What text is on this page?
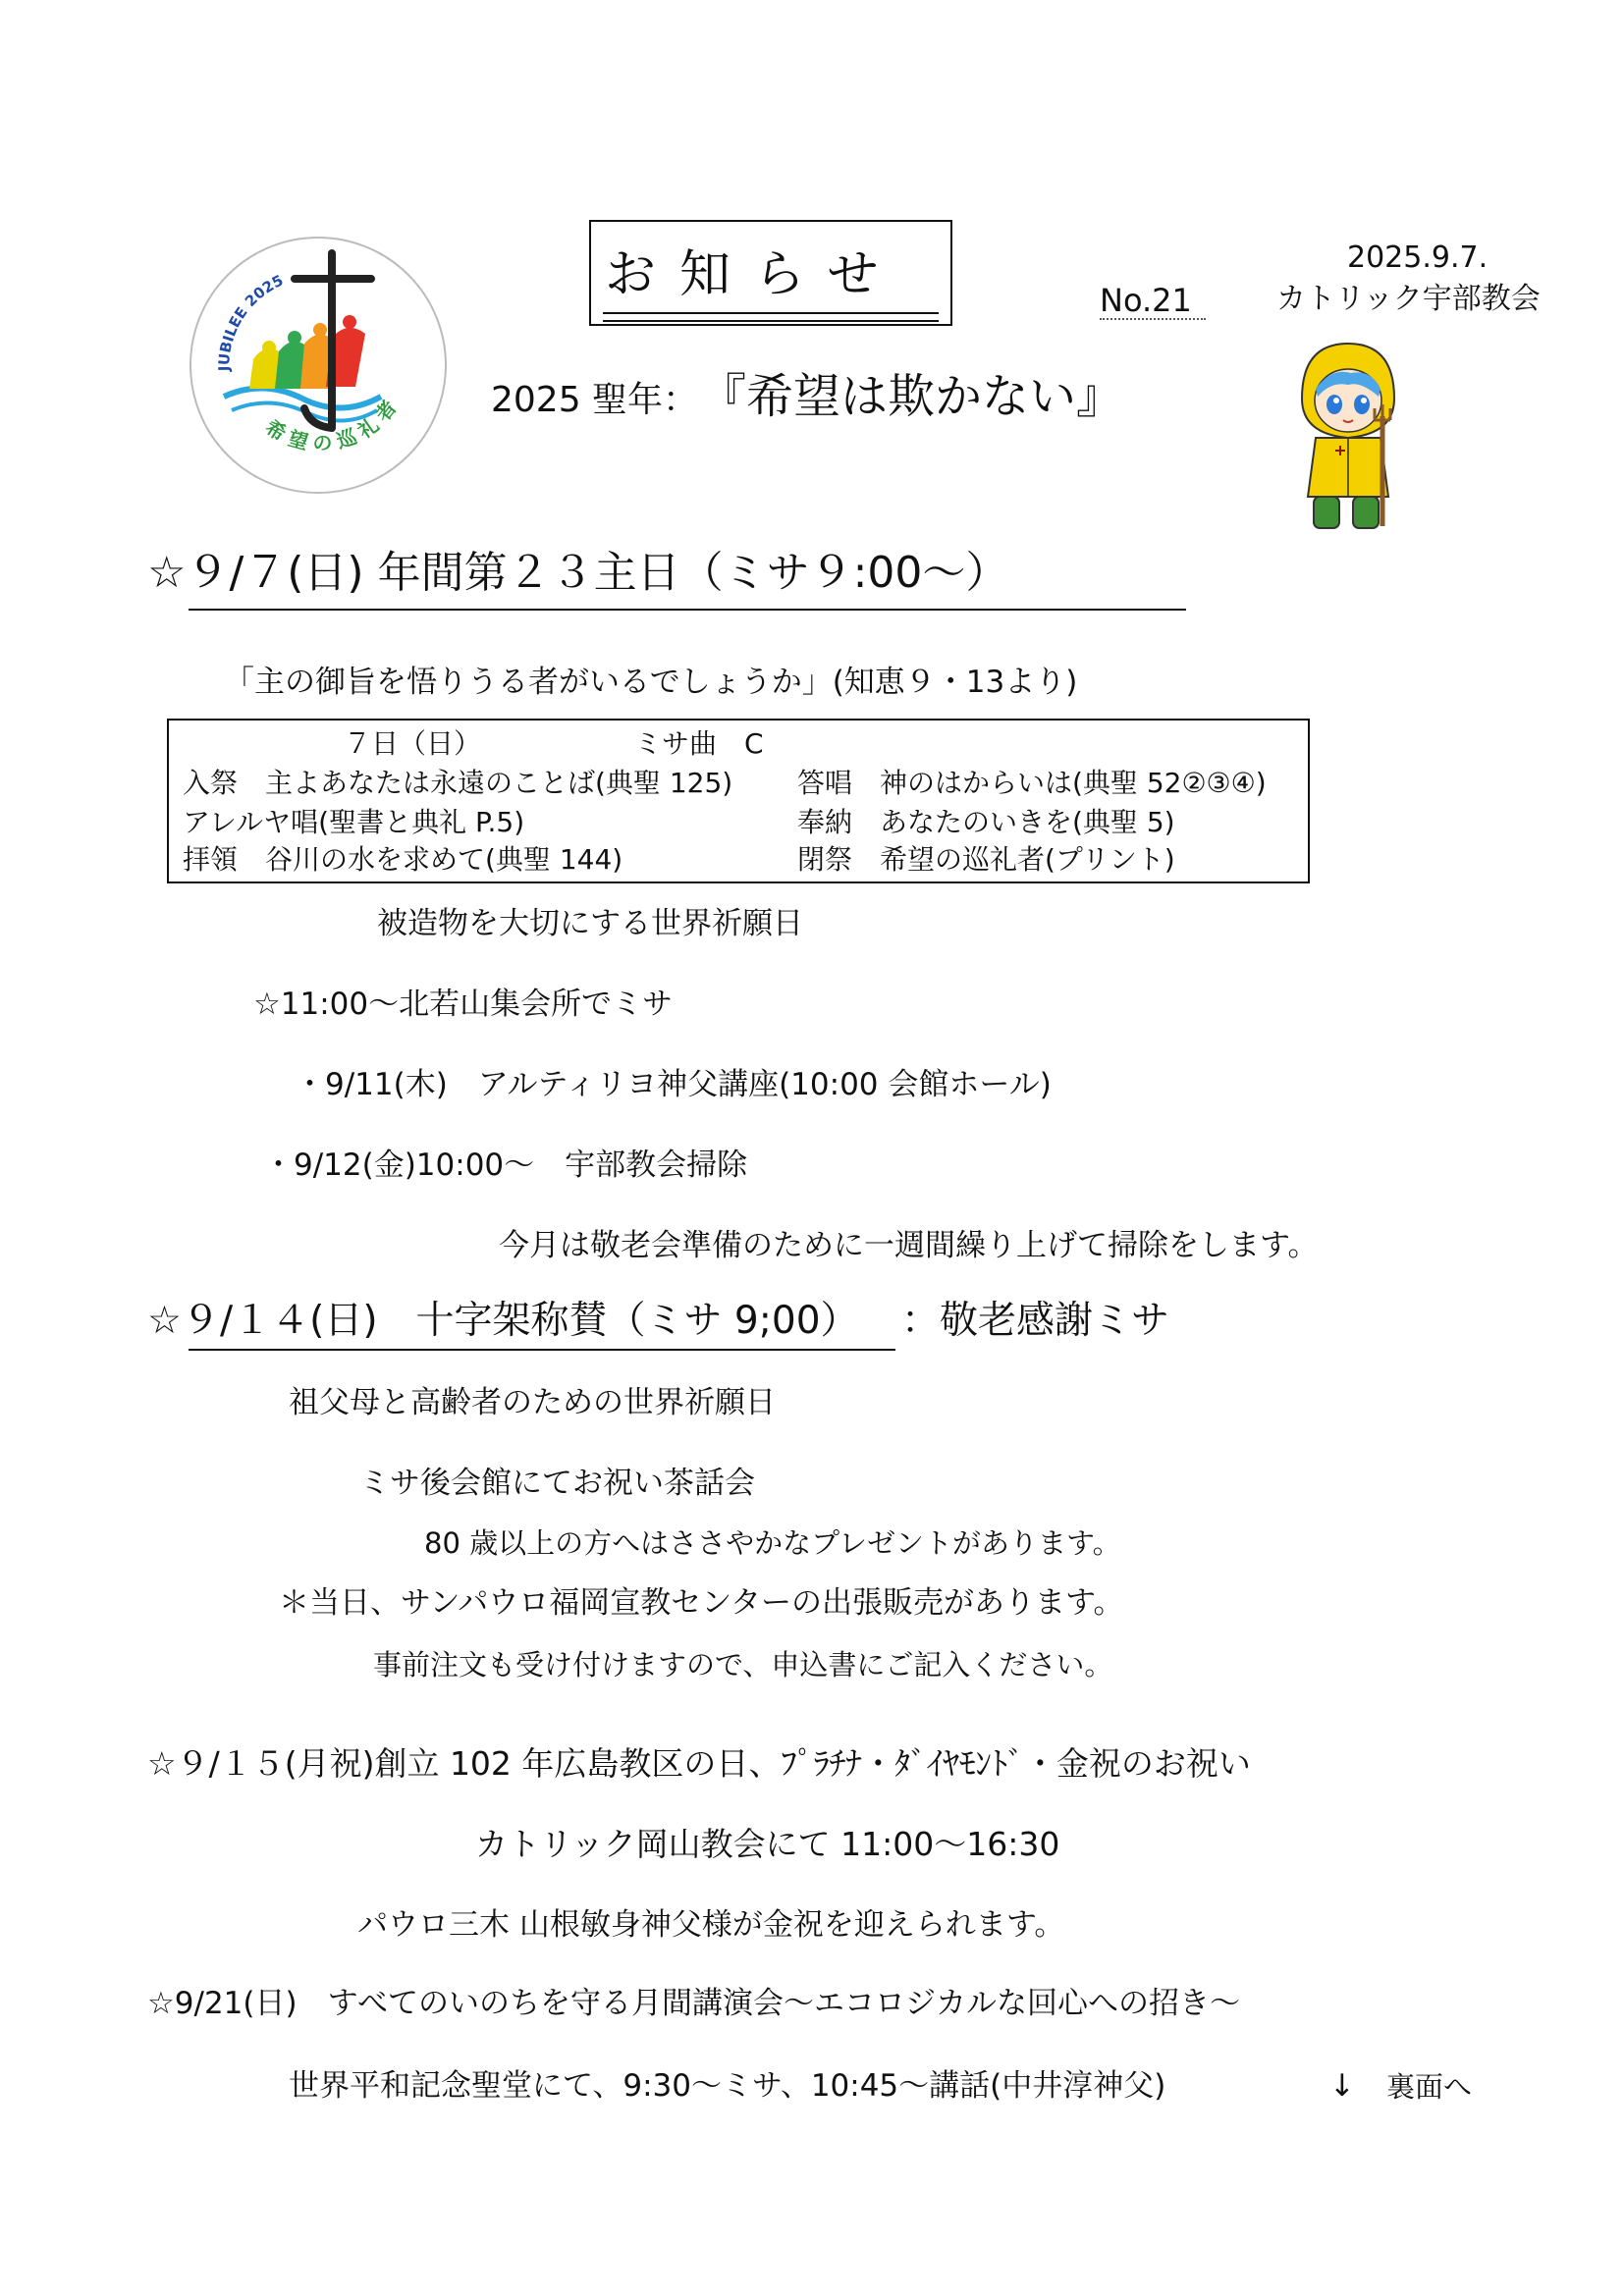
JUBILEE 2025
希 望 の 巡 礼 者
お知らせ	2025.9.7.
No.21	カトリック宇部教会
2025 聖年： 『希望は欺かない』
☆９/７(日) 年間第２３主日（ミサ９:00〜）
「主の御旨を悟りうる者がいるでしょうか」(知恵９・13より)
７日（日）	ミサ曲　C
入祭　主よあなたは永遠のことば(典聖 125) 答唱　神のはからいは(典聖 52②③④)
アレルヤ唱(聖書と典礼 P.5)	奉納　あなたのいきを(典聖 5)
拝領　谷川の水を求めて(典聖 144)	閉祭　希望の巡礼者(プリント)
被造物を大切にする世界祈願日
☆11:00〜北若山集会所でミサ
・9/11(木)　アルティリヨ神父講座(10:00 会館ホール)
・9/12(金)10:00〜　宇部教会掃除
今月は敬老会準備のために一週間繰り上げて掃除をします。
☆９/１４(日)　十字架称賛（ミサ 9;00） ：敬老感謝ミサ
祖父母と高齢者のための世界祈願日
ミサ後会館にてお祝い茶話会
80 歳以上の方へはささやかなプレゼントがあります。
＊当日、サンパウロ福岡宣教センターの出張販売があります。
事前注文も受け付けますので、申込書にご記入ください。
☆９/１５(月祝)創立 102 年広島教区の日、ﾌﾟﾗﾁﾅ・ﾀﾞｲﾔﾓﾝﾄﾞ・金祝のお祝い
カトリック岡山教会にて 11:00〜16:30
パウロ三木 山根敏身神父様が金祝を迎えられます。
☆9/21(日)　すべてのいのちを守る月間講演会〜エコロジカルな回心への招き〜
世界平和記念聖堂にて、9:30〜ミサ、10:45〜講話(中井淳神父)	↓ 裏面へ
